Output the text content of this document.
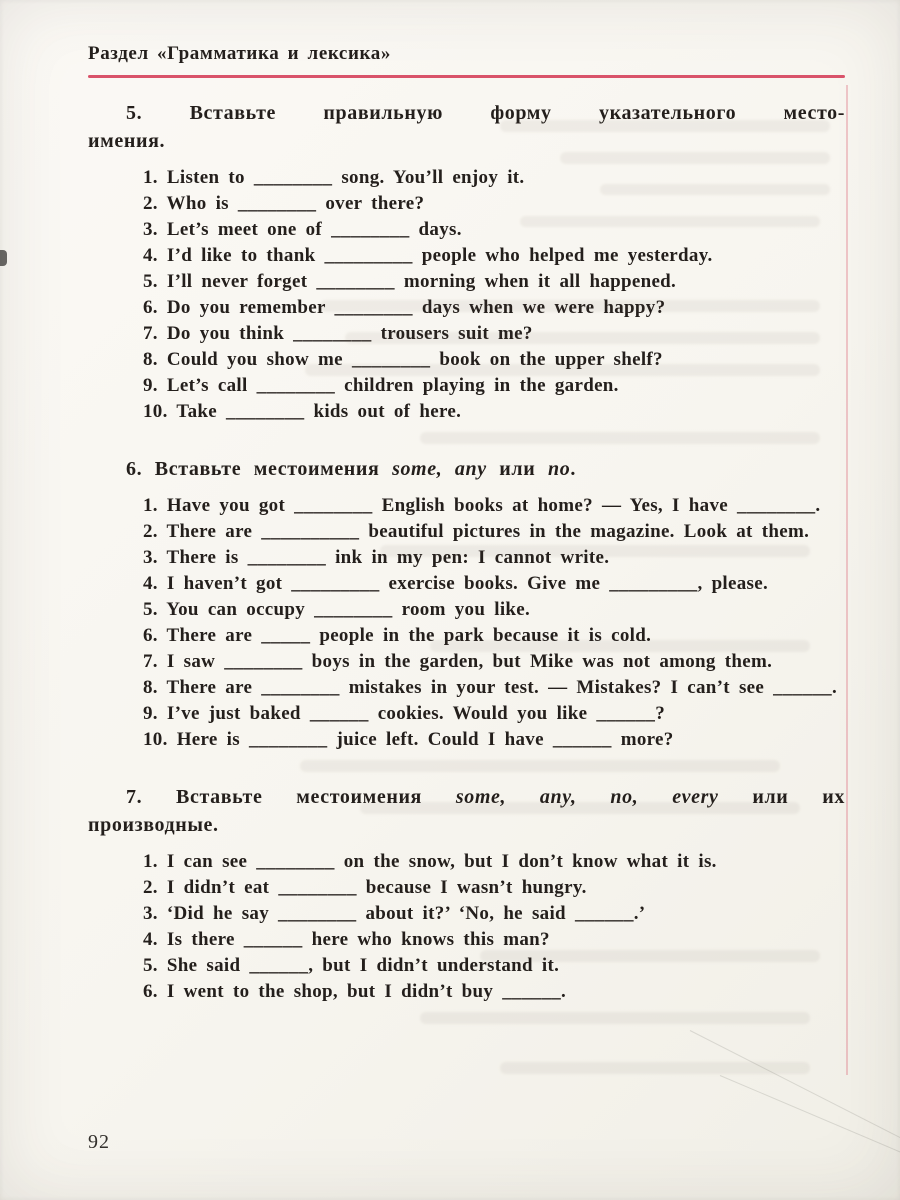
Раздел «Грамматика и лексика»
5. Вставьте правильную форму указательного место-
имения.

1. Listen to ________ song. You’ll enjoy it.

2. Who is ________ over there?

3. Let’s meet one of ________ days.

4. I’d like to thank _________ people who helped me yesterday.

5. I’ll never forget ________ morning when it all happened.

6. Do you remember ________ days when we were happy?

7. Do you think ________ trousers suit me?

8. Could you show me ________ book on the upper shelf?

9. Let’s call ________ children playing in the garden.

10. Take ________ kids out of here.

6. Вставьте местоимения some, any или no.

1. Have you got ________ English books at home? — Yes, I have ________.

2. There are __________ beautiful pictures in the magazine. Look at them.

3. There is ________ ink in my pen: I cannot write.

4. I haven’t got _________ exercise books. Give me _________, please.

5. You can occupy ________ room you like.

6. There are _____ people in the park because it is cold.

7. I saw ________ boys in the garden, but Mike was not among them.

8. There are ________ mistakes in your test. — Mistakes? I can’t see ______.

9. I’ve just baked ______ cookies. Would you like ______?

10. Here is ________ juice left. Could I have ______ more?

7. Вставьте местоимения some, any, no, every или их
производные.

1. I can see ________ on the snow, but I don’t know what it is.

2. I didn’t eat ________ because I wasn’t hungry.

3. ‘Did he say ________ about it?’ ‘No, he said ______.’

4. Is there ______ here who knows this man?

5. She said ______, but I didn’t understand it.

6. I went to the shop, but I didn’t buy ______.

92
